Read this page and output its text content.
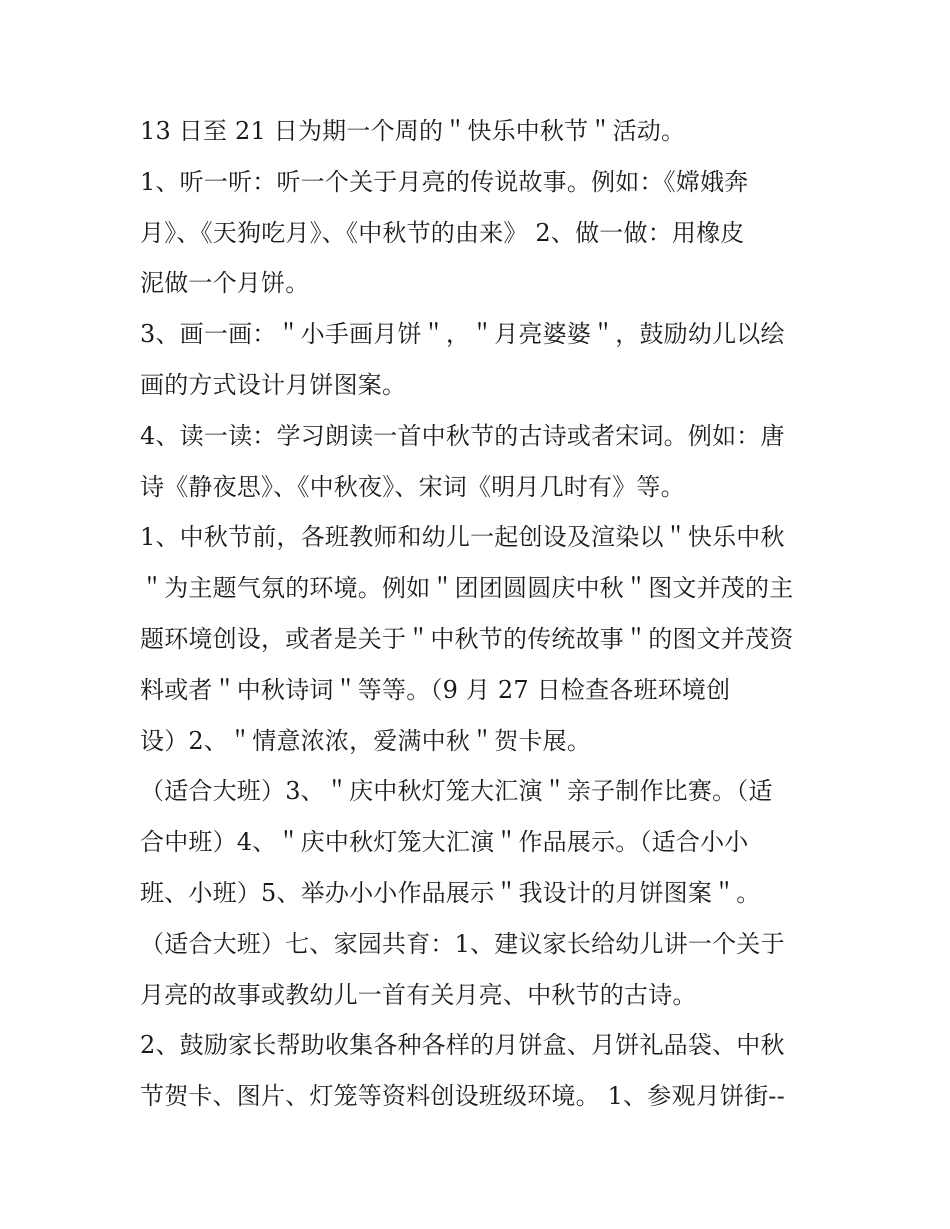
13 日至 21 日为期一个周的＂快乐中秋节＂活动。
1、听一听：听一个关于月亮的传说故事。例如：《嫦娥奔
月》、《天狗吃月》、《中秋节的由来》 2、做一做：用橡皮
泥做一个月饼。
3、画一画：＂小手画月饼＂，＂月亮婆婆＂，鼓励幼儿以绘
画的方式设计月饼图案。
4、读一读：学习朗读一首中秋节的古诗或者宋词。例如：唐
诗《静夜思》、《中秋夜》、宋词《明月几时有》等。
1、中秋节前，各班教师和幼儿一起创设及渲染以＂快乐中秋
＂为主题气氛的环境。例如＂团团圆圆庆中秋＂图文并茂的主
题环境创设，或者是关于＂中秋节的传统故事＂的图文并茂资
料或者＂中秋诗词＂等等。（9 月 27 日检查各班环境创
设）2、＂情意浓浓，爱满中秋＂贺卡展。
（适合大班）3、＂庆中秋灯笼大汇演＂亲子制作比赛。（适
合中班）4、＂庆中秋灯笼大汇演＂作品展示。（适合小小
班、小班）5、举办小小作品展示＂我设计的月饼图案＂。
（适合大班）七、家园共育：1、建议家长给幼儿讲一个关于
月亮的故事或教幼儿一首有关月亮、中秋节的古诗。
2、鼓励家长帮助收集各种各样的月饼盒、月饼礼品袋、中秋
节贺卡、图片、灯笼等资料创设班级环境。 1、参观月饼街--
